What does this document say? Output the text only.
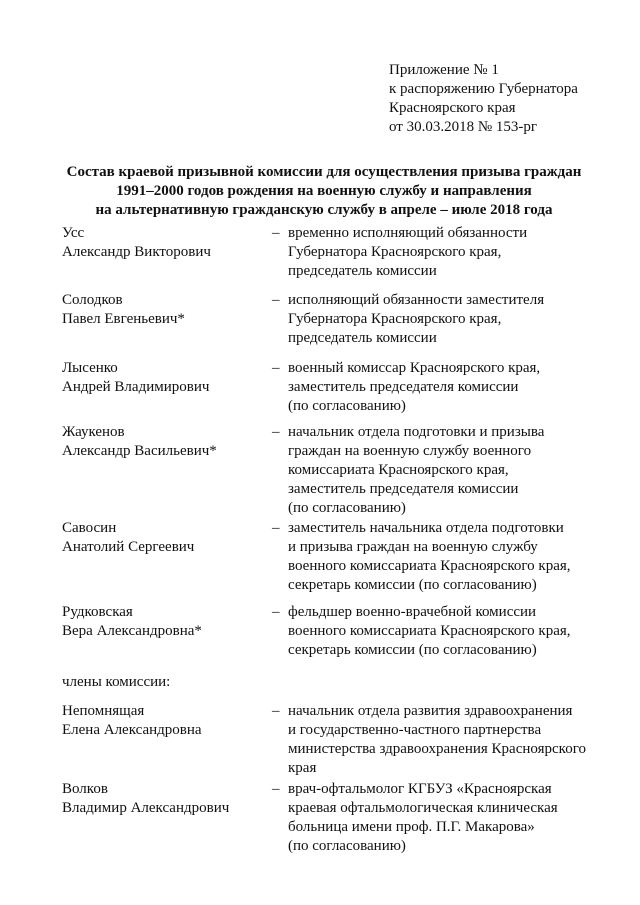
Приложение № 1
к распоряжению Губернатора
Красноярского края
от 30.03.2018 № 153-рг
Состав краевой призывной комиссии для осуществления призыва граждан
1991–2000 годов рождения на военную службу и направления
на альтернативную гражданскую службу в апреле – июле 2018 года
Усс
Александр Викторович
– временно исполняющий обязанности
Губернатора Красноярского края,
председатель комиссии
Солодков
Павел Евгеньевич*
– исполняющий обязанности заместителя
Губернатора Красноярского края,
председатель комиссии
Лысенко
Андрей Владимирович
– военный комиссар Красноярского края,
заместитель председателя комиссии
(по согласованию)
Жаукенов
Александр Васильевич*
– начальник отдела подготовки и призыва
граждан на военную службу военного
комиссариата Красноярского края,
заместитель председателя комиссии
(по согласованию)
Савосин
Анатолий Сергеевич
– заместитель начальника отдела подготовки
и призыва граждан на военную службу
военного комиссариата Красноярского края,
секретарь комиссии (по согласованию)
Рудковская
Вера Александровна*
– фельдшер военно-врачебной комиссии
военного комиссариата Красноярского края,
секретарь комиссии (по согласованию)
члены комиссии:
Непомнящая
Елена Александровна
– начальник отдела развития здравоохранения
и государственно-частного партнерства
министерства здравоохранения Красноярского
края
Волков
Владимир Александрович
– врач-офтальмолог КГБУЗ «Красноярская
краевая офтальмологическая клиническая
больница имени проф. П.Г. Макарова»
(по согласованию)
